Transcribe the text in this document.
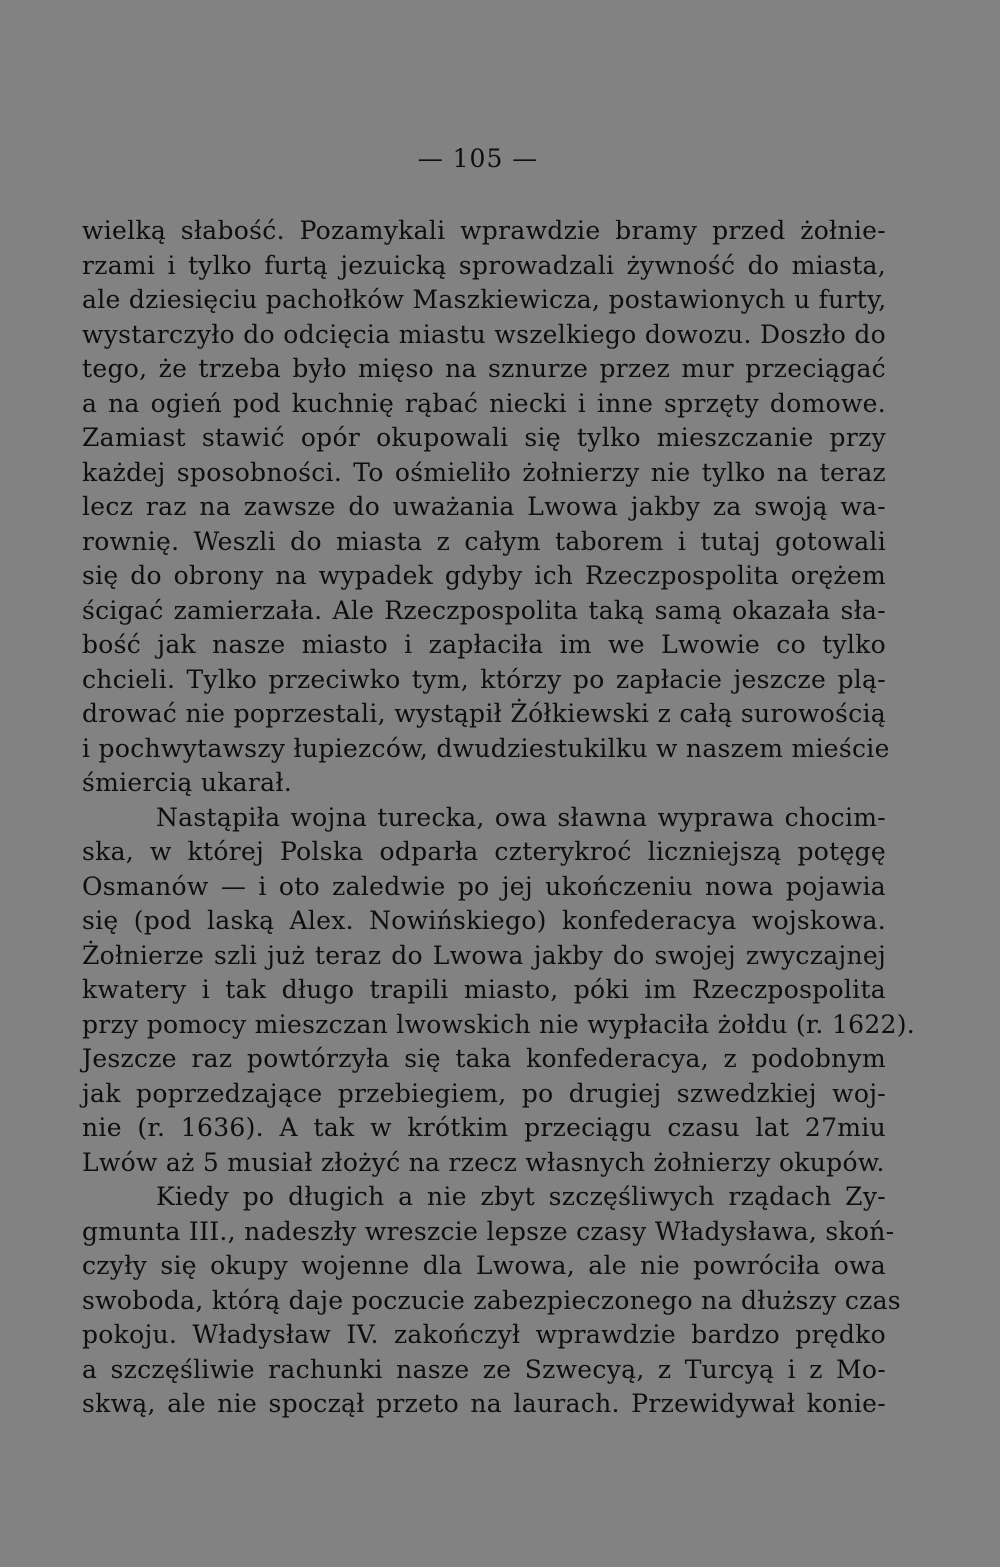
— 105 —
wielką słabość. Pozamykali wprawdzie bramy przed żołnie-
rzami i tylko furtą jezuicką sprowadzali żywność do miasta,
ale dziesięciu pachołków Maszkiewicza, postawionych u furty,
wystarczyło do odcięcia miastu wszelkiego dowozu. Doszło do
tego, że trzeba było mięso na sznurze przez mur przeciągać
a na ogień pod kuchnię rąbać niecki i inne sprzęty domowe.
Zamiast stawić opór okupowali się tylko mieszczanie przy
każdej sposobności. To ośmieliło żołnierzy nie tylko na teraz
lecz raz na zawsze do uważania Lwowa jakby za swoją wa-
rownię. Weszli do miasta z całym taborem i tutaj gotowali
się do obrony na wypadek gdyby ich Rzeczpospolita orężem
ścigać zamierzała. Ale Rzeczpospolita taką samą okazała sła-
bość jak nasze miasto i zapłaciła im we Lwowie co tylko
chcieli. Tylko przeciwko tym, którzy po zapłacie jeszcze plą-
drować nie poprzestali, wystąpił Żółkiewski z całą surowością
i pochwytawszy łupiezców, dwudziestukilku w naszem mieście
śmiercią ukarał.
Nastąpiła wojna turecka, owa sławna wyprawa chocim-
ska, w której Polska odparła czterykroć liczniejszą potęgę
Osmanów — i oto zaledwie po jej ukończeniu nowa pojawia
się (pod laską Alex. Nowińskiego) konfederacya wojskowa.
Żołnierze szli już teraz do Lwowa jakby do swojej zwyczajnej
kwatery i tak długo trapili miasto, póki im Rzeczpospolita
przy pomocy mieszczan lwowskich nie wypłaciła żołdu (r. 1622).
Jeszcze raz powtórzyła się taka konfederacya, z podobnym
jak poprzedzające przebiegiem, po drugiej szwedzkiej woj-
nie (r. 1636). A tak w krótkim przeciągu czasu lat 27miu
Lwów aż 5 musiał złożyć na rzecz własnych żołnierzy okupów.
Kiedy po długich a nie zbyt szczęśliwych rządach Zy-
gmunta III., nadeszły wreszcie lepsze czasy Władysława, skoń-
czyły się okupy wojenne dla Lwowa, ale nie powróciła owa
swoboda, którą daje poczucie zabezpieczonego na dłuższy czas
pokoju. Władysław IV. zakończył wprawdzie bardzo prędko
a szczęśliwie rachunki nasze ze Szwecyą, z Turcyą i z Mo-
skwą, ale nie spoczął przeto na laurach. Przewidywał konie-
